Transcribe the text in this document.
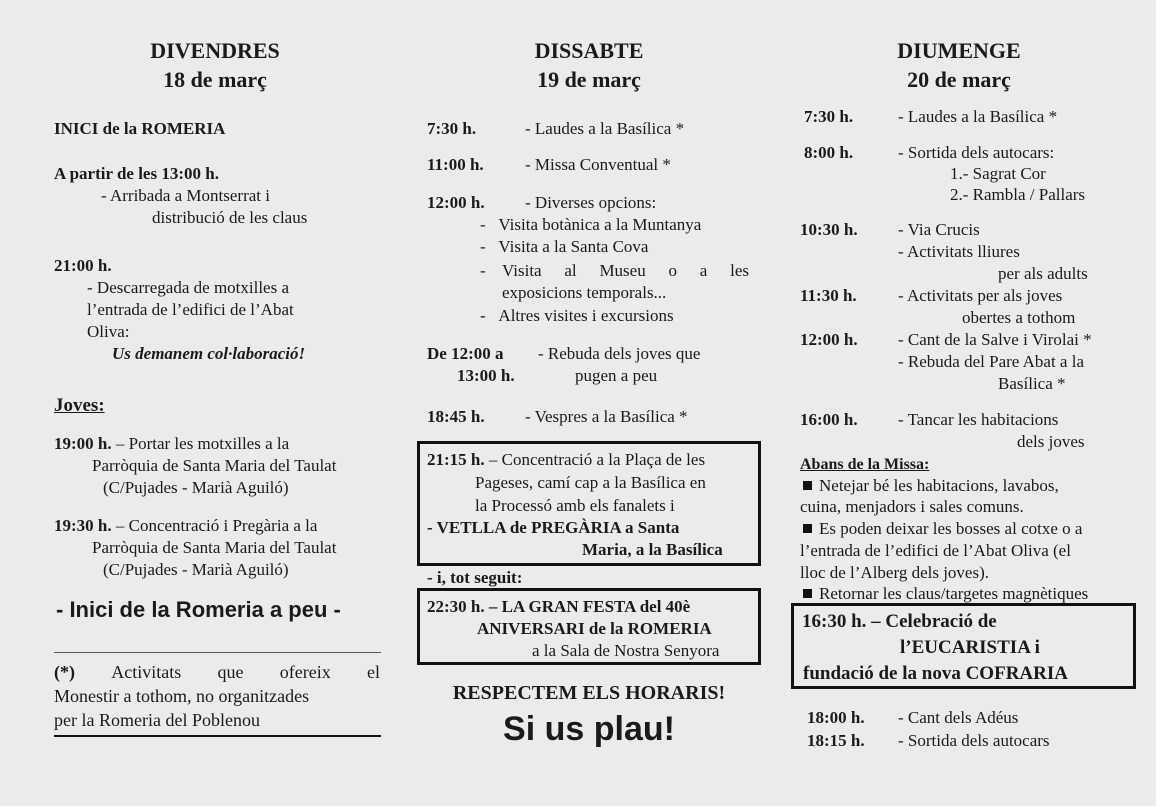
DIVENDRES
18 de març
INICI de la ROMERIA
A partir de les 13:00 h.
- Arribada a Montserrat i
distribució de les claus
21:00 h.
- Descarregada de motxilles a
l’entrada de l’edifici de l’Abat
Oliva:
Us demanem col·laboració!
Joves:
19:00 h. – Portar les motxilles a la
Parròquia de Santa Maria del Taulat
(C/Pujades - Marià Aguiló)
19:30 h. – Concentració i Pregària a la
Parròquia de Santa Maria del Taulat
(C/Pujades - Marià Aguiló)
- Inici de la Romeria a peu -
(*) Activitats que ofereix el
Monestir a tothom, no organitzades
per la Romeria del Poblenou
DISSABTE
19 de març
7:30 h.	- Laudes a la Basílica *
11:00 h. - Missa Conventual *
12:00 h. - Diverses opcions:
-   Visita botànica a la Muntanya
-   Visita a la Santa Cova
- Visita al Museu o a les
exposicions temporals...
-   Altres visites i excursions
De 12:00 a
13:00 h.
- Rebuda dels joves que
pugen a peu
18:45 h. - Vespres a la Basílica *
21:15 h. – Concentració a la Plaça de les
Pageses, camí cap a la Basílica en
la Processó amb els fanalets i
- VETLLA de PREGÀRIA a Santa
Maria, a la Basílica
- i, tot seguit:
22:30 h. – LA GRAN FESTA del 40è
ANIVERSARI de la ROMERIA
a la Sala de Nostra Senyora
RESPECTEM ELS HORARIS!
Si us plau!
DIUMENGE
20 de març
7:30 h.	- Laudes a la Basílica *
8:00 h.	- Sortida dels autocars:
1.- Sagrat Cor
2.- Rambla / Pallars
10:30 h. - Via Crucis
- Activitats lliures
per als adults
11:30 h. - Activitats per als joves
obertes a tothom
12:00 h. - Cant de la Salve i Virolai *
- Rebuda del Pare Abat a la
Basílica *
16:00 h. - Tancar les habitacions
dels joves
Abans de la Missa:
Netejar bé les habitacions, lavabos,
cuina, menjadors i sales comuns.
Es poden deixar les bosses al cotxe o a
l’entrada de l’edifici de l’Abat Oliva (el
lloc de l’Alberg dels joves).
Retornar les claus/targetes magnètiques
16:30 h. – Celebració de
l’EUCARISTIA i
fundació de la nova COFRARIA
18:00 h. - Cant dels Adéus
18:15 h. - Sortida dels autocars
